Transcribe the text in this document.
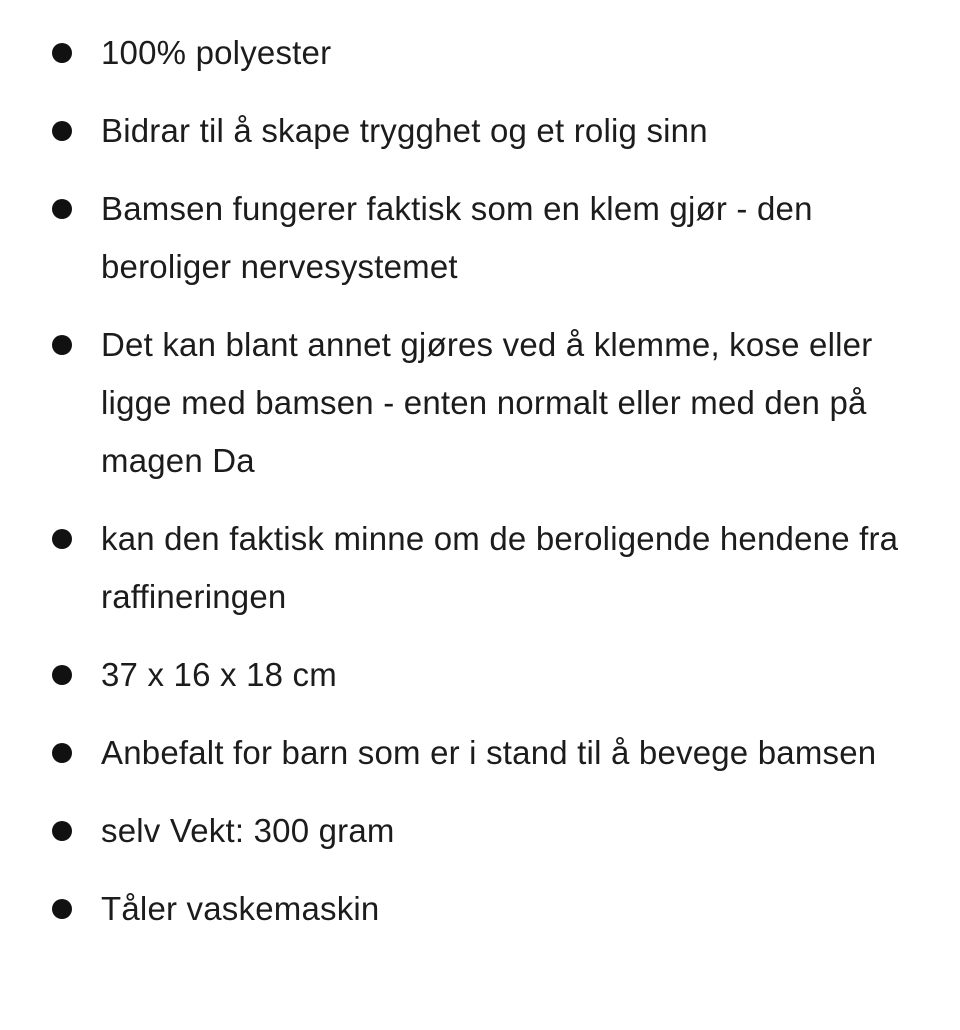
100% polyester
Bidrar til å skape trygghet og et rolig sinn
Bamsen fungerer faktisk som en klem gjør - den beroliger nervesystemet
Det kan blant annet gjøres ved å klemme, kose eller ligge med bamsen - enten normalt eller med den på magen Da
kan den faktisk minne om de beroligende hendene fra raffineringen
37 x 16 x 18 cm
Anbefalt for barn som er i stand til å bevege bamsen
selv Vekt: 300 gram
Tåler vaskemaskin
